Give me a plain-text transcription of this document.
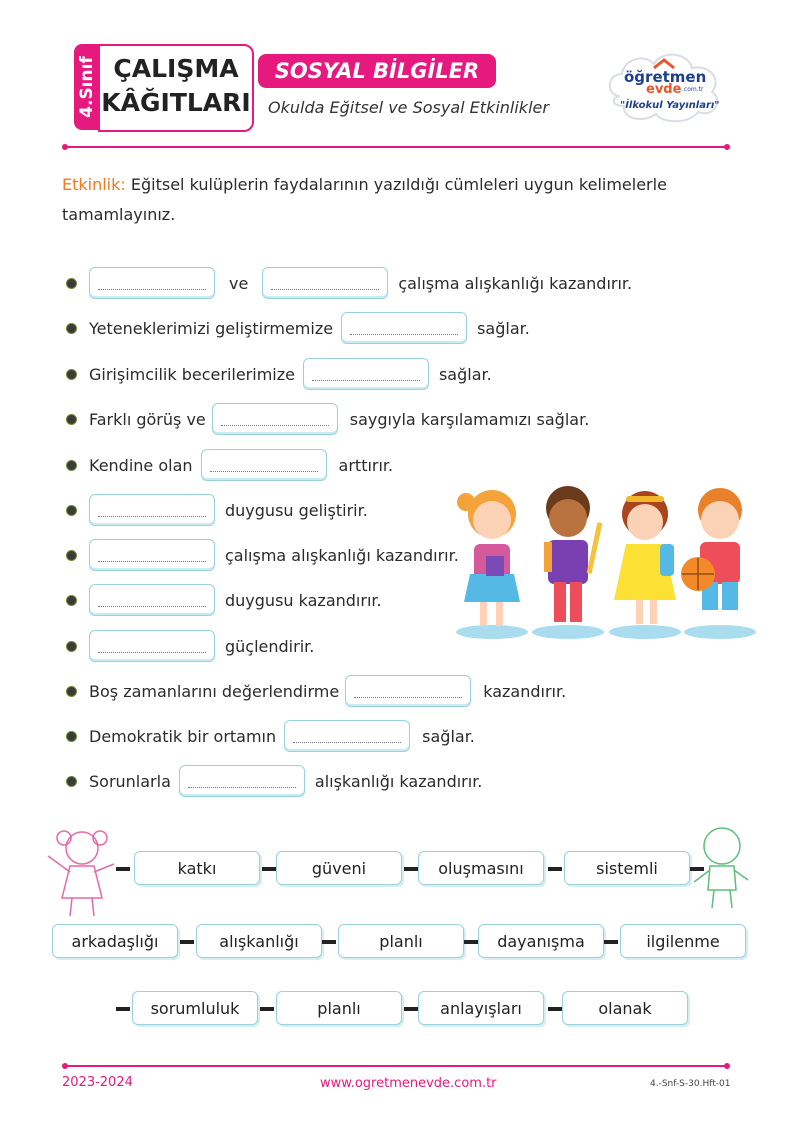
4.Sınıf ÇALIŞMA
KÂĞITLARI
SOSYAL BİLGİLER
Okulda Eğitsel ve Sosyal Etkinlikler
öğretmen
evde .com.tr
"İlkokul Yayınları"
Etkinlik: Eğitsel kulüplerin faydalarının yazıldığı cümleleri uygun kelimelerle tamamlayınız.
ve	çalışma alışkanlığı kazandırır.
Yeteneklerimizi geliştirmemize	sağlar.
Girişimcilik becerilerimize	sağlar.
Farklı görüş ve	saygıyla karşılamamızı sağlar.
Kendine olan	arttırır.
duygusu geliştirir.
çalışma alışkanlığı kazandırır.
duygusu kazandırır.
güçlendirir.
Boş zamanlarını değerlendirme	kazandırır.
Demokratik bir ortamın	sağlar.
Sorunlarla	alışkanlığı kazandırır.
katkı	güveni	oluşmasını	sistemli
arkadaşlığı	alışkanlığı	planlı	dayanışma	ilgilenme
sorumluluk	planlı	anlayışları	olanak
2023-2024	www.ogretmenevde.com.tr	4.-Snf-S-30.Hft-01
